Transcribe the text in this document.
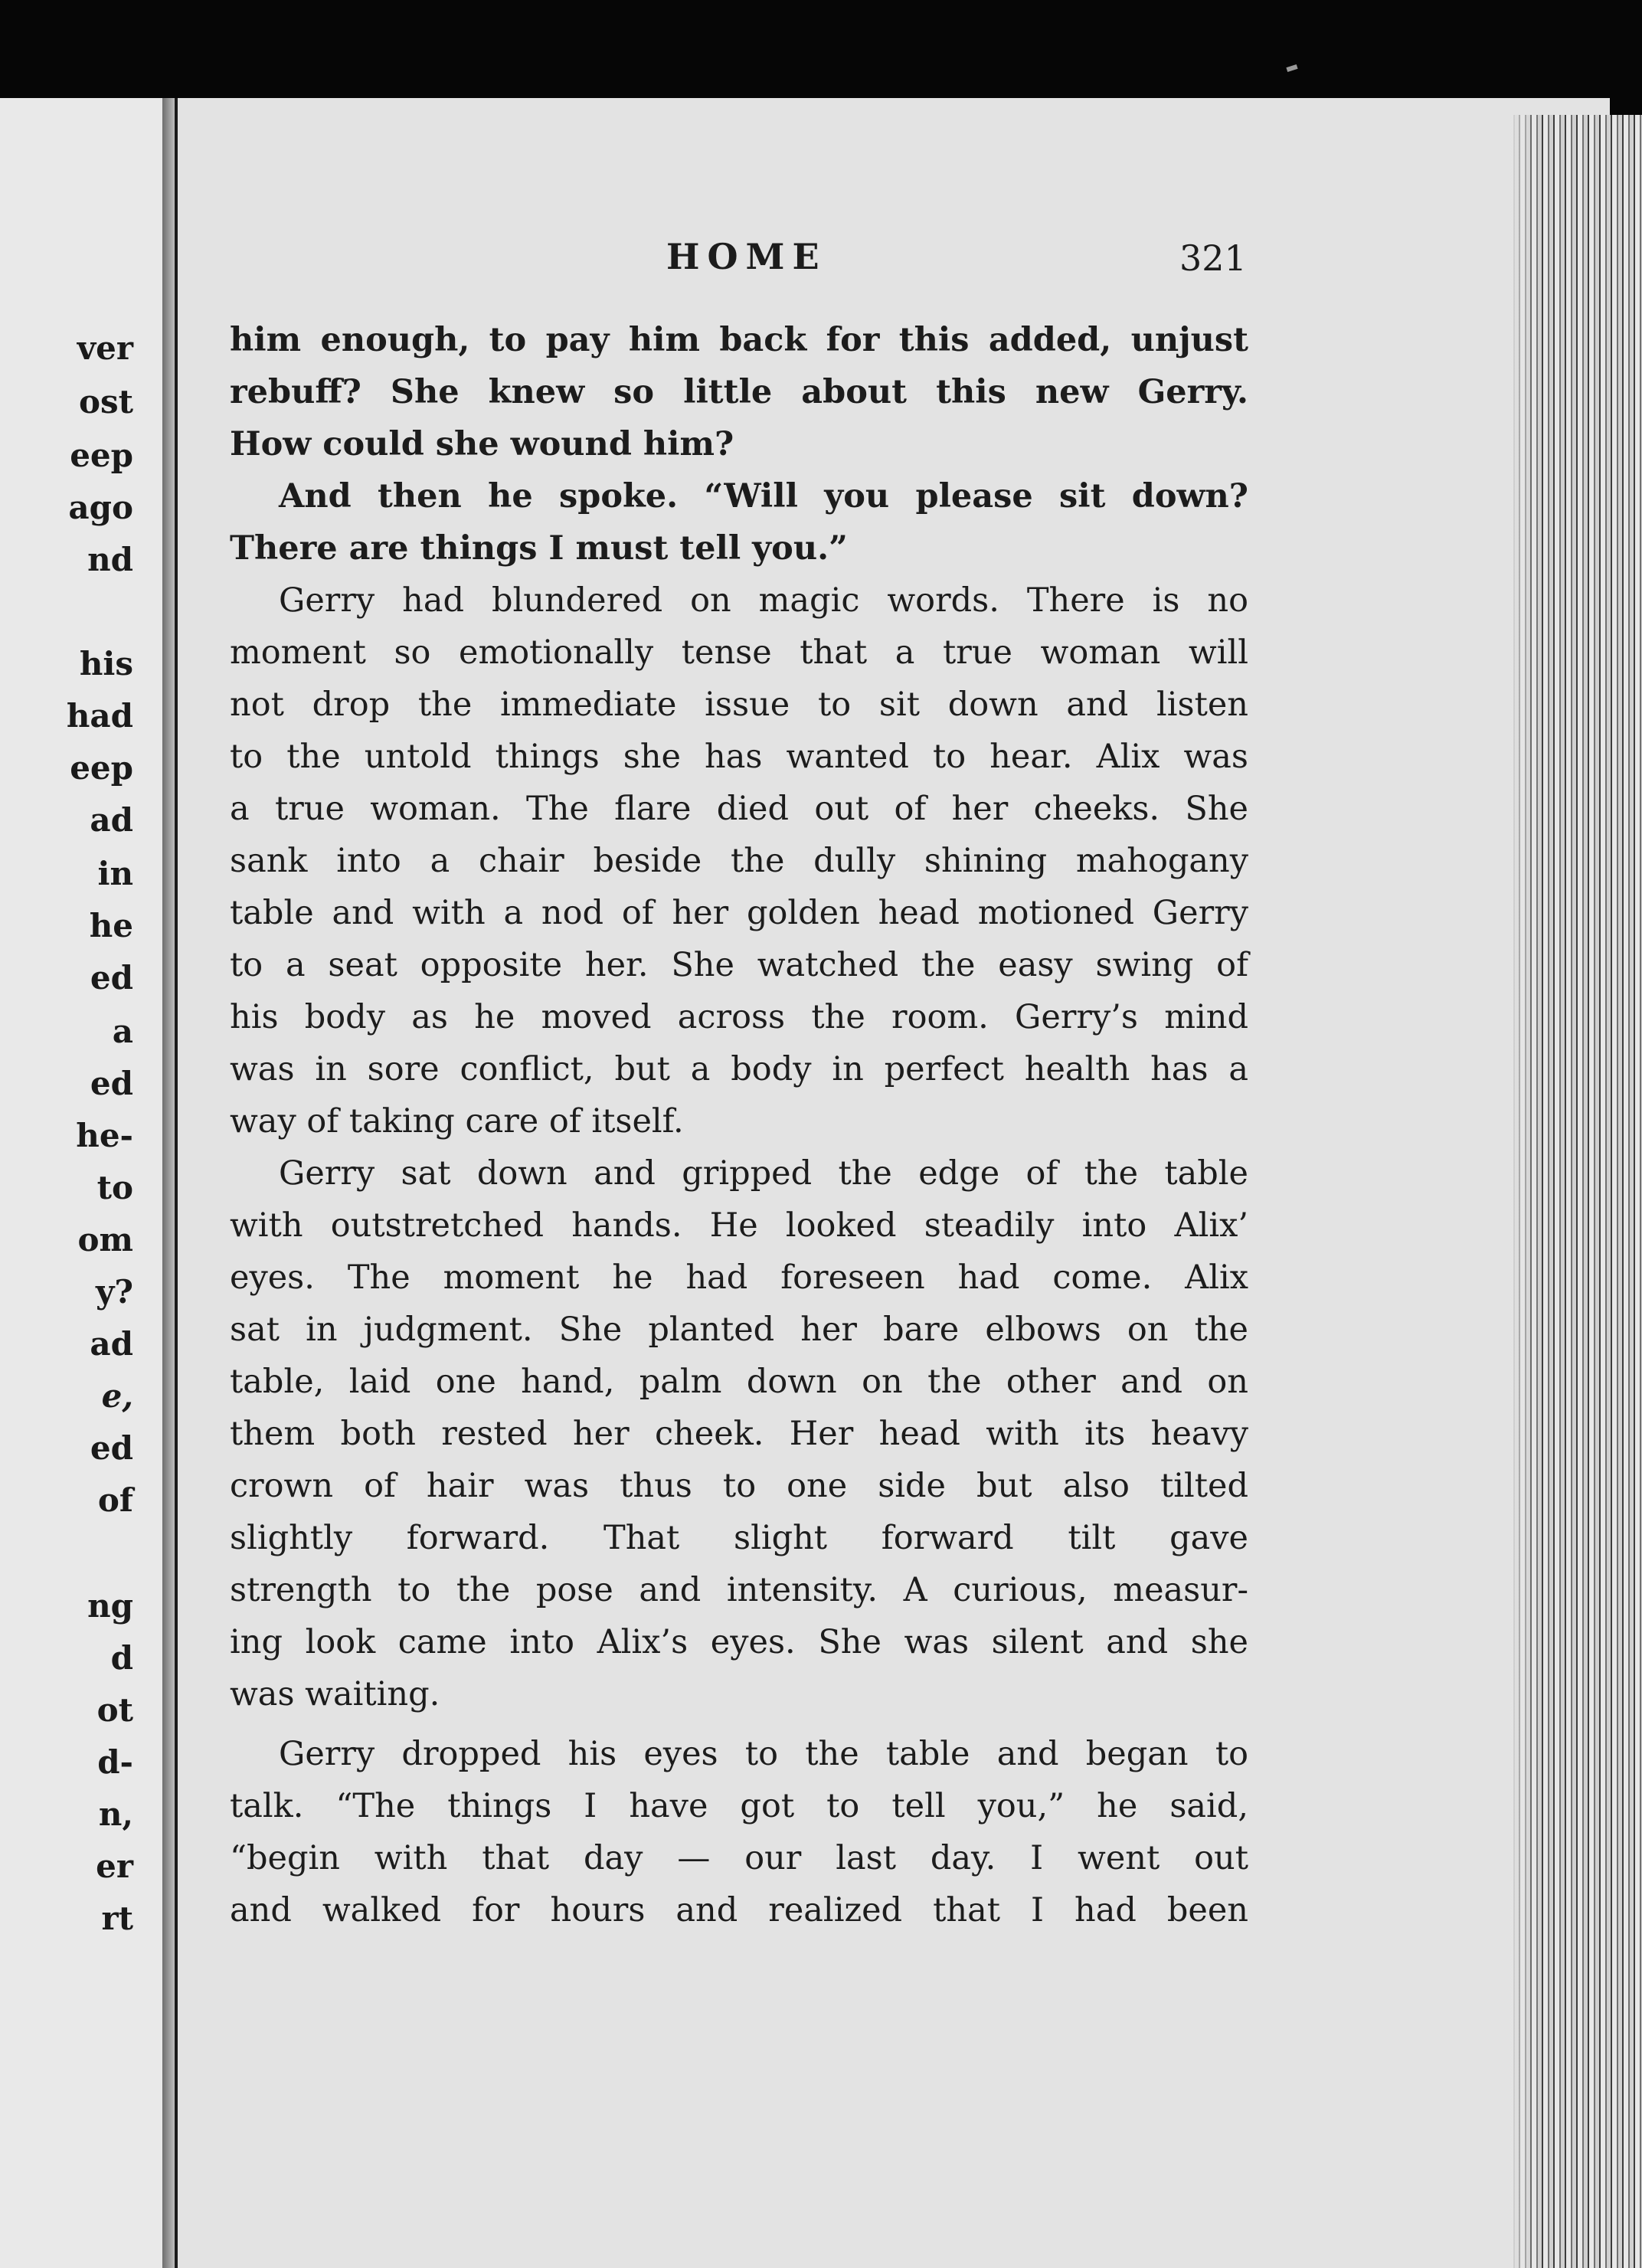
ver
ost
eep
ago
nd
his
had
eep
ad
in
he
ed
a
ed
he-
to
om
y?
ad
e,
ed
of
ng
d
ot
d-
n,
er
rt
HOME	321
him enough, to pay him back for this added, unjust
rebuff? She knew so little about this new Gerry.
How could she wound him?
And then he spoke. “Will you please sit down?
There are things I must tell you.”
Gerry had blundered on magic words. There is no
moment so emotionally tense that a true woman will
not drop the immediate issue to sit down and listen
to the untold things she has wanted to hear. Alix was
a true woman. The flare died out of her cheeks. She
sank into a chair beside the dully shining mahogany
table and with a nod of her golden head motioned Gerry
to a seat opposite her. She watched the easy swing of
his body as he moved across the room. Gerry’s mind
was in sore conflict, but a body in perfect health has a
way of taking care of itself.
Gerry sat down and gripped the edge of the table
with outstretched hands. He looked steadily into Alix’
eyes. The moment he had foreseen had come. Alix
sat in judgment. She planted her bare elbows on the
table, laid one hand, palm down on the other and on
them both rested her cheek. Her head with its heavy
crown of hair was thus to one side but also tilted
slightly forward. That slight forward tilt gave
strength to the pose and intensity. A curious, measur-
ing look came into Alix’s eyes. She was silent and she
was waiting.
Gerry dropped his eyes to the table and began to
talk. “The things I have got to tell you,” he said,
“begin with that day — our last day. I went out
and walked for hours and realized that I had been
